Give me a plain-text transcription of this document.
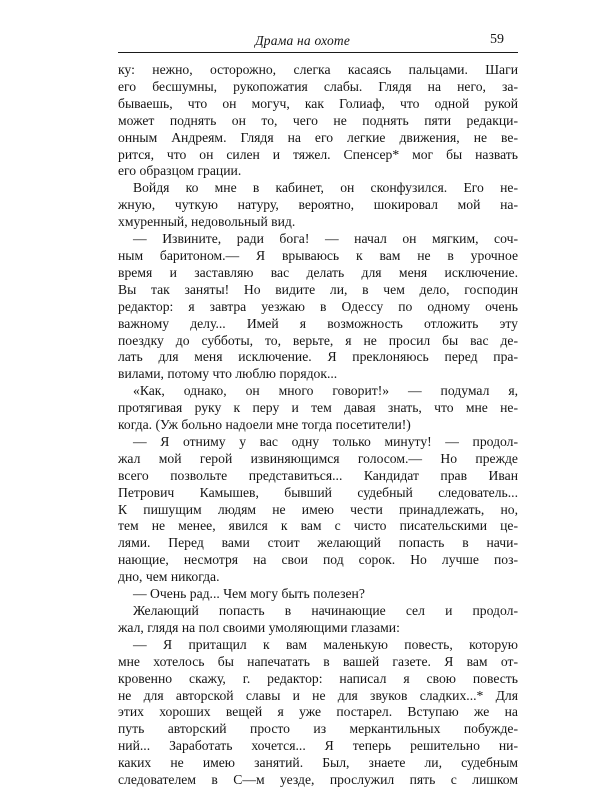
Драма на охоте	59
ку: нежно, осторожно, слегка касаясь пальцами. Шаги
его бесшумны, рукопожатия слабы. Глядя на него, за-
бываешь, что он могуч, как Голиаф, что одной рукой
может поднять он то, чего не поднять пяти редакци-
онным Андреям. Глядя на его легкие движения, не ве-
рится, что он силен и тяжел. Спенсер* мог бы назвать
его образцом грации.
Войдя ко мне в кабинет, он сконфузился. Его не-
жную, чуткую натуру, вероятно, шокировал мой на-
хмуренный, недовольный вид.
— Извините, ради бога! — начал он мягким, соч-
ным баритоном.— Я врываюсь к вам не в урочное
время и заставляю вас делать для меня исключение.
Вы так заняты! Но видите ли, в чем дело, господин
редактор: я завтра уезжаю в Одессу по одному очень
важному делу... Имей я возможность отложить эту
поездку до субботы, то, верьте, я не просил бы вас де-
лать для меня исключение. Я преклоняюсь перед пра-
вилами, потому что люблю порядок...
«Как, однако, он много говорит!» — подумал я,
протягивая руку к перу и тем давая знать, что мне не-
когда. (Уж больно надоели мне тогда посетители!)
— Я отниму у вас одну только минуту! — продол-
жал мой герой извиняющимся голосом.— Но прежде
всего позвольте представиться... Кандидат прав Иван
Петрович Камышев, бывший судебный следователь...
К пишущим людям не имею чести принадлежать, но,
тем не менее, явился к вам с чисто писательскими це-
лями. Перед вами стоит желающий попасть в начи-
нающие, несмотря на свои под сорок. Но лучше поз-
дно, чем никогда.
— Очень рад... Чем могу быть полезен?
Желающий попасть в начинающие сел и продол-
жал, глядя на пол своими умоляющими глазами:
— Я притащил к вам маленькую повесть, которую
мне хотелось бы напечатать в вашей газете. Я вам от-
кровенно скажу, г. редактор: написал я свою повесть
не для авторской славы и не для звуков сладких...* Для
этих хороших вещей я уже постарел. Вступаю же на
путь авторский просто из меркантильных побужде-
ний... Заработать хочется... Я теперь решительно ни-
каких не имею занятий. Был, знаете ли, судебным
следователем в С—м уезде, прослужил пять с лишком
